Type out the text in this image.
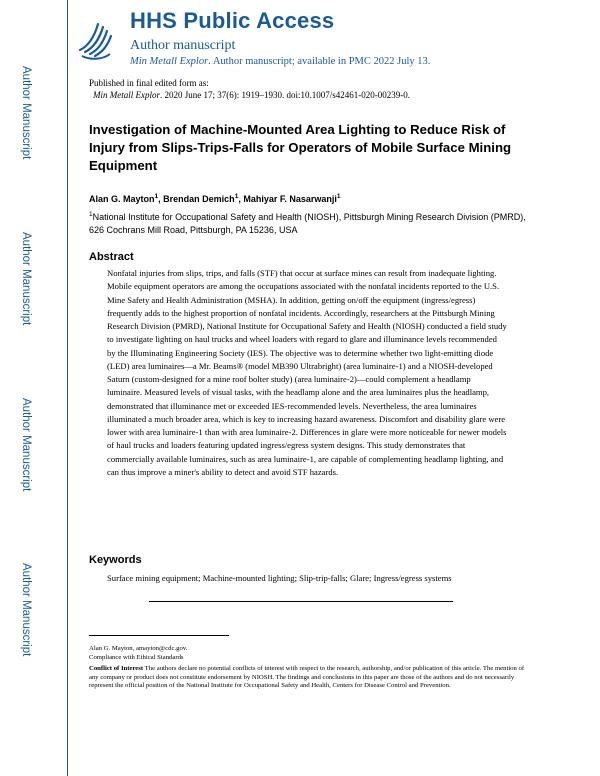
Author Manuscript
Author Manuscript
Author Manuscript
Author Manuscript
HHS Public Access
Author manuscript
Min Metall Explor. Author manuscript; available in PMC 2022 July 13.
Published in final edited form as:
Min Metall Explor. 2020 June 17; 37(6): 1919–1930. doi:10.1007/s42461-020-00239-0.
Investigation of Machine-Mounted Area Lighting to Reduce Risk of Injury from Slips-Trips-Falls for Operators of Mobile Surface Mining Equipment
Alan G. Mayton$^1$, Brendan Demich$^1$, Mahiyar F. Nasarwanji$^1$
$^1$National Institute for Occupational Safety and Health (NIOSH), Pittsburgh Mining Research Division (PMRD), 626 Cochrans Mill Road, Pittsburgh, PA 15236, USA
Abstract
Nonfatal injuries from slips, trips, and falls (STF) that occur at surface mines can result from inadequate lighting. Mobile equipment operators are among the occupations associated with the nonfatal incidents reported to the U.S. Mine Safety and Health Administration (MSHA). In addition, getting on/off the equipment (ingress/egress) frequently adds to the highest proportion of nonfatal incidents. Accordingly, researchers at the Pittsburgh Mining Research Division (PMRD), National Institute for Occupational Safety and Health (NIOSH) conducted a field study to investigate lighting on haul trucks and wheel loaders with regard to glare and illuminance levels recommended by the Illuminating Engineering Society (IES). The objective was to determine whether two light-emitting diode (LED) area luminaires—a Mr. Beams® (model MB390 Ultrabright) (area luminaire-1) and a NIOSH-developed Saturn (custom-designed for a mine roof bolter study) (area luminaire-2)—could complement a headlamp luminaire. Measured levels of visual tasks, with the headlamp alone and the area luminaires plus the headlamp, demonstrated that illuminance met or exceeded IES-recommended levels. Nevertheless, the area luminaires illuminated a much broader area, which is key to increasing hazard awareness. Discomfort and disability glare were lower with area luminaire-1 than with area luminaire-2. Differences in glare were more noticeable for newer models of haul trucks and loaders featuring updated ingress/egress system designs. This study demonstrates that commercially available luminaires, such as area luminaire-1, are capable of complementing headlamp lighting, and can thus improve a miner's ability to detect and avoid STF hazards.
Keywords
Surface mining equipment; Machine-mounted lighting; Slip-trip-falls; Glare; Ingress/egress systems

Alan G. Mayton, amayton@cdc.gov.

Compliance with Ethical Standards

Conflict of Interest The authors declare no potential conflicts of interest with respect to the research, authorship, and/or publication of this article. The mention of any company or product does not constitute endorsement by NIOSH. The findings and conclusions in this paper are those of the authors and do not necessarily represent the official position of the National Institute for Occupational Safety and Health, Centers for Disease Control and Prevention.
